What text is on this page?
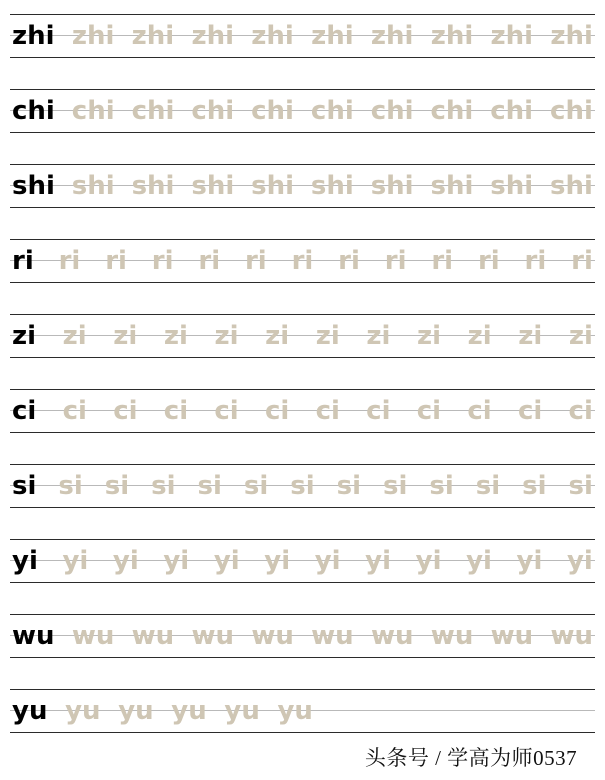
zhi zhi zhi zhi zhi zhi zhi zhi zhi zhi
chi chi chi chi chi chi chi chi chi chi
shi shi shi shi shi shi shi shi shi shi
ri ri ri ri ri ri ri ri ri ri ri ri ri
zi zi zi zi zi zi zi zi zi zi zi zi
ci ci ci ci ci ci ci ci ci ci ci ci
si si si si si si si si si si si si si
yi yi yi yi yi yi yi yi yi yi yi yi
wu wu wu wu wu wu wu wu wu wu
yu yu yu yu yu yu
头条号 / 学高为师0537
